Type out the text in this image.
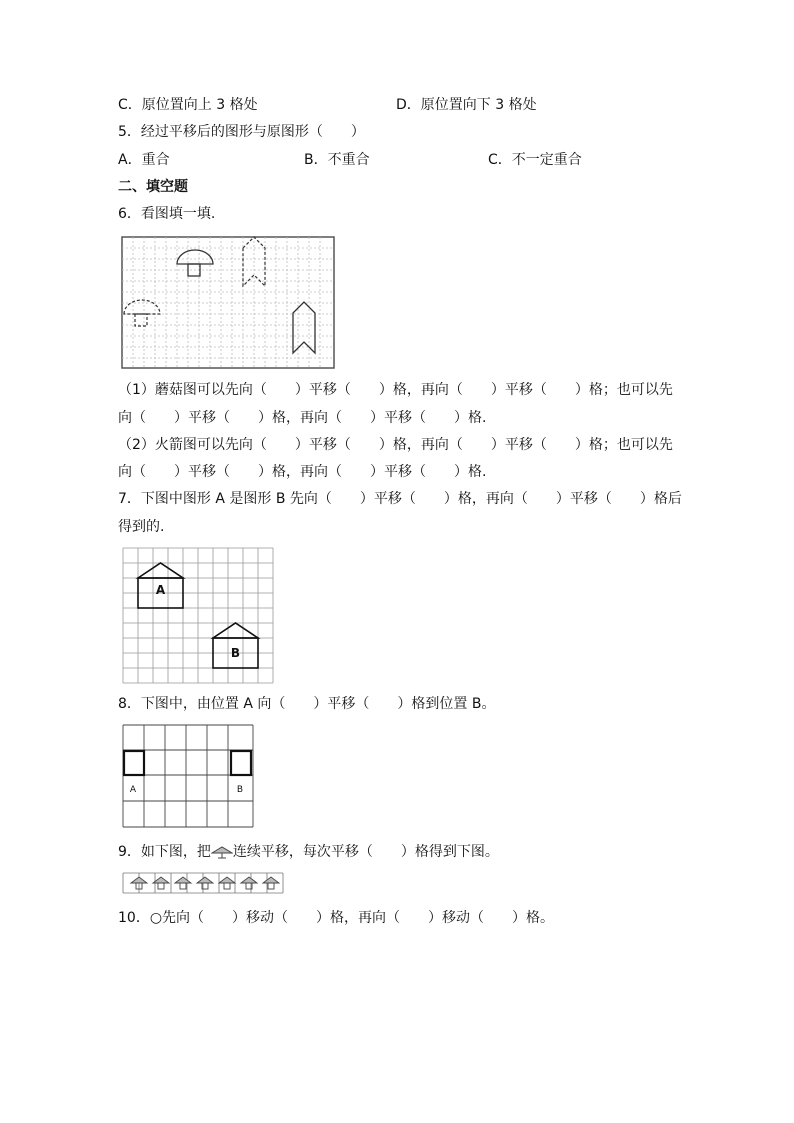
C．原位置向上 3 格处	D．原位置向下 3 格处
5．经过平移后的图形与原图形（　　）
A．重合	B．不重合	C．不一定重合
二、填空题
6．看图填一填.
（1）蘑菇图可以先向（　　）平移（　　）格，再向（　　）平移（　　）格；也可以先
向（　　）平移（　　）格，再向（　　）平移（　　）格.
（2）火箭图可以先向（　　）平移（　　）格，再向（　　）平移（　　）格；也可以先
向（　　）平移（　　）格，再向（　　）平移（　　）格.
7．下图中图形 A 是图形 B 先向（　　）平移（　　）格，再向（　　）平移（　　）格后
得到的.
A
B
8．下图中，由位置 A 向（　　）平移（　　）格到位置 B。
A	B
9．如下图，把 连续平移，每次平移（　　）格得到下图。
10．○先向（　　）移动（　　）格，再向（　　）移动（　　）格。
